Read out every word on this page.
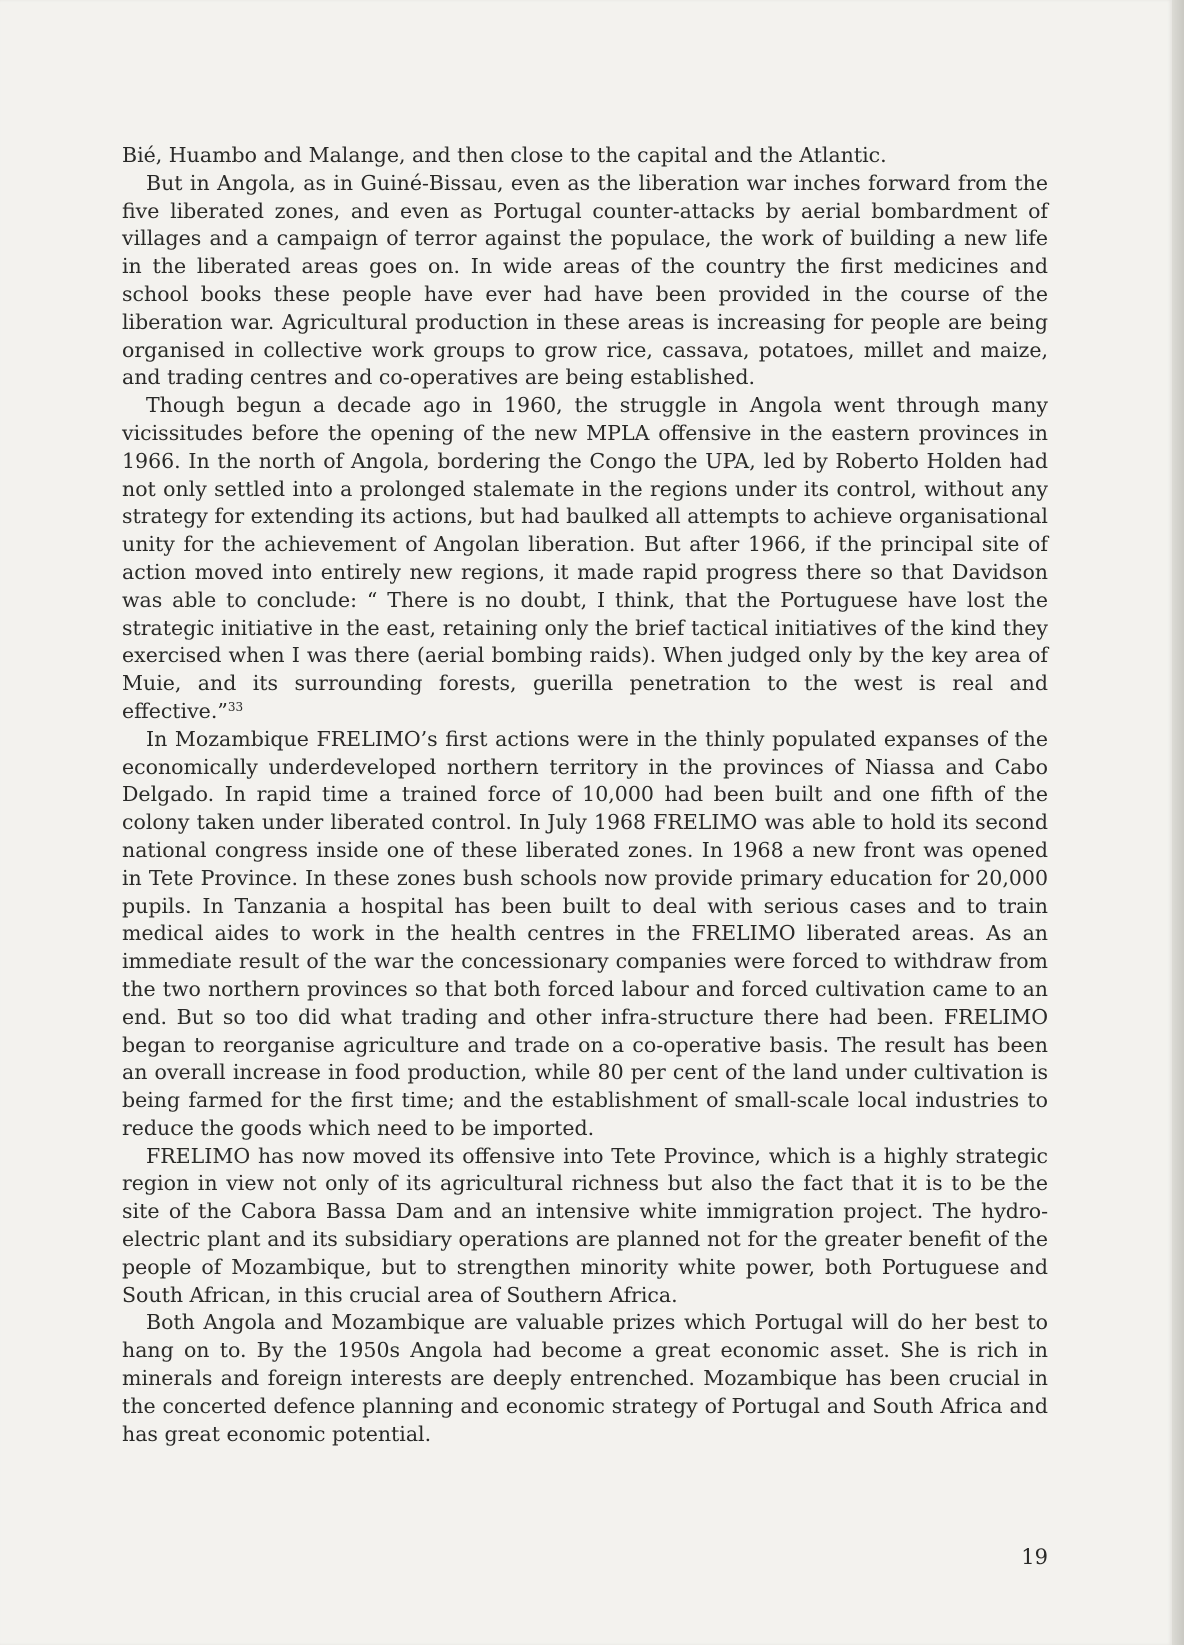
Bié, Huambo and Malange, and then close to the capital and the Atlantic.

But in Angola, as in Guiné-Bissau, even as the liberation war inches forward from the five liberated zones, and even as Portugal counter-attacks by aerial bombardment of villages and a campaign of terror against the populace, the work of building a new life in the liberated areas goes on. In wide areas of the country the first medicines and school books these people have ever had have been provided in the course of the liberation war. Agricultural production in these areas is increasing for people are being organised in collective work groups to grow rice, cassava, potatoes, millet and maize, and trading centres and co-operatives are being established.

Though begun a decade ago in 1960, the struggle in Angola went through many vicissitudes before the opening of the new MPLA offensive in the eastern provinces in 1966. In the north of Angola, bordering the Congo the UPA, led by Roberto Holden had not only settled into a prolonged stalemate in the regions under its control, without any strategy for extending its actions, but had baulked all attempts to achieve organisational unity for the achievement of Angolan liberation. But after 1966, if the principal site of action moved into entirely new regions, it made rapid progress there so that Davidson was able to conclude: “ There is no doubt, I think, that the Portuguese have lost the strategic initiative in the east, retaining only the brief tactical initiatives of the kind they exercised when I was there (aerial bombing raids). When judged only by the key area of Muie, and its surrounding forests, guerilla penetration to the west is real and effective.”$^{33}$

In Mozambique FRELIMO’s first actions were in the thinly populated expanses of the economically underdeveloped northern territory in the provinces of Niassa and Cabo Delgado. In rapid time a trained force of 10,000 had been built and one fifth of the colony taken under liberated control. In July 1968 FRELIMO was able to hold its second national congress inside one of these liberated zones. In 1968 a new front was opened in Tete Province. In these zones bush schools now provide primary education for 20,000 pupils. In Tanzania a hospital has been built to deal with serious cases and to train medical aides to work in the health centres in the FRELIMO liberated areas. As an immediate result of the war the concessionary companies were forced to withdraw from the two northern provinces so that both forced labour and forced cultivation came to an end. But so too did what trading and other infra-structure there had been. FRELIMO began to reorganise agriculture and trade on a co-operative basis. The result has been an overall increase in food production, while 80 per cent of the land under cultivation is being farmed for the first time; and the establishment of small-scale local industries to reduce the goods which need to be imported.

FRELIMO has now moved its offensive into Tete Province, which is a highly strategic region in view not only of its agricultural richness but also the fact that it is to be the site of the Cabora Bassa Dam and an intensive white immigration project. The hydro-electric plant and its subsidiary operations are planned not for the greater benefit of the people of Mozambique, but to strengthen minority white power, both Portuguese and South African, in this crucial area of Southern Africa.

Both Angola and Mozambique are valuable prizes which Portugal will do her best to hang on to. By the 1950s Angola had become a great economic asset. She is rich in minerals and foreign interests are deeply entrenched. Mozambique has been crucial in the concerted defence planning and economic strategy of Portugal and South Africa and has great economic potential.

19
